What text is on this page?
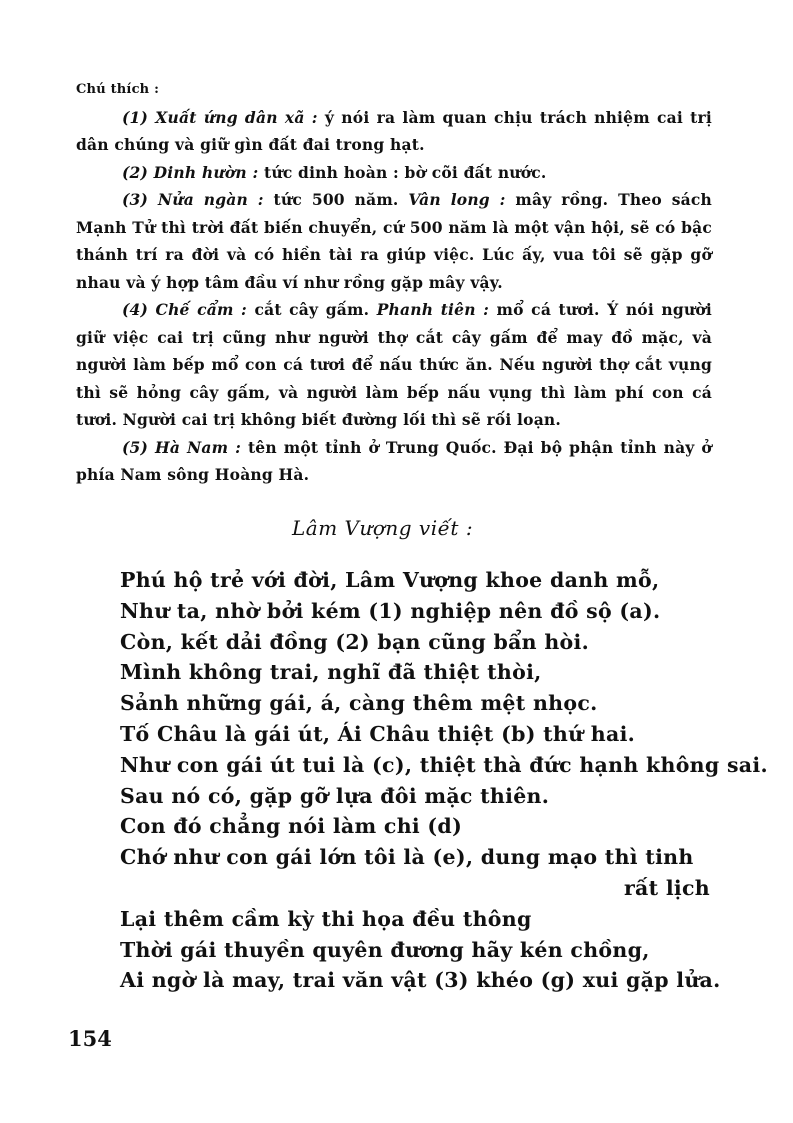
Chú thích :

(1) Xuất ứng dân xã : ý nói ra làm quan chịu trách nhiệm cai trị dân chúng và giữ gìn đất đai trong hạt.

(2) Dinh hườn : tức dinh hoàn : bờ cõi đất nước.

(3) Nửa ngàn : tức 500 năm. Vân long : mây rồng. Theo sách Mạnh Tử thì trời đất biến chuyển, cứ 500 năm là một vận hội, sẽ có bậc thánh trí ra đời và có hiền tài ra giúp việc. Lúc ấy, vua tôi sẽ gặp gỡ nhau và ý hợp tâm đầu ví như rồng gặp mây vậy.

(4) Chế cẩm : cắt cây gấm. Phanh tiên : mổ cá tươi. Ý nói người giữ việc cai trị cũng như người thợ cắt cây gấm để may đồ mặc, và người làm bếp mổ con cá tươi để nấu thức ăn. Nếu người thợ cắt vụng thì sẽ hỏng cây gấm, và người làm bếp nấu vụng thì làm phí con cá tươi. Người cai trị không biết đường lối thì sẽ rối loạn.

(5) Hà Nam : tên một tỉnh ở Trung Quốc. Đại bộ phận tỉnh này ở phía Nam sông Hoàng Hà.

Lâm Vượng viết :

Phú hộ trẻ với đời, Lâm Vượng khoe danh mỗ,

Như ta, nhờ bởi kém (1) nghiệp nên đồ sộ (a).

Còn, kết dải đồng (2) bạn cũng bẩn hòi.

Mình không trai, nghĩ đã thiệt thòi,

Sảnh những gái, á, càng thêm mệt nhọc.

Tố Châu là gái út, Ái Châu thiệt (b) thứ hai.

Như con gái út tui là (c), thiệt thà đức hạnh không sai.

Sau nó có, gặp gỡ lựa đôi mặc thiên.

Con đó chẳng nói làm chi (d)

Chớ như con gái lớn tôi là (e), dung mạo thì tinh

rất lịch

Lại thêm cầm kỳ thi họa đều thông

Thời gái thuyền quyên đương hãy kén chồng,

Ai ngờ là may, trai văn vật (3) khéo (g) xui gặp lửa.

154
